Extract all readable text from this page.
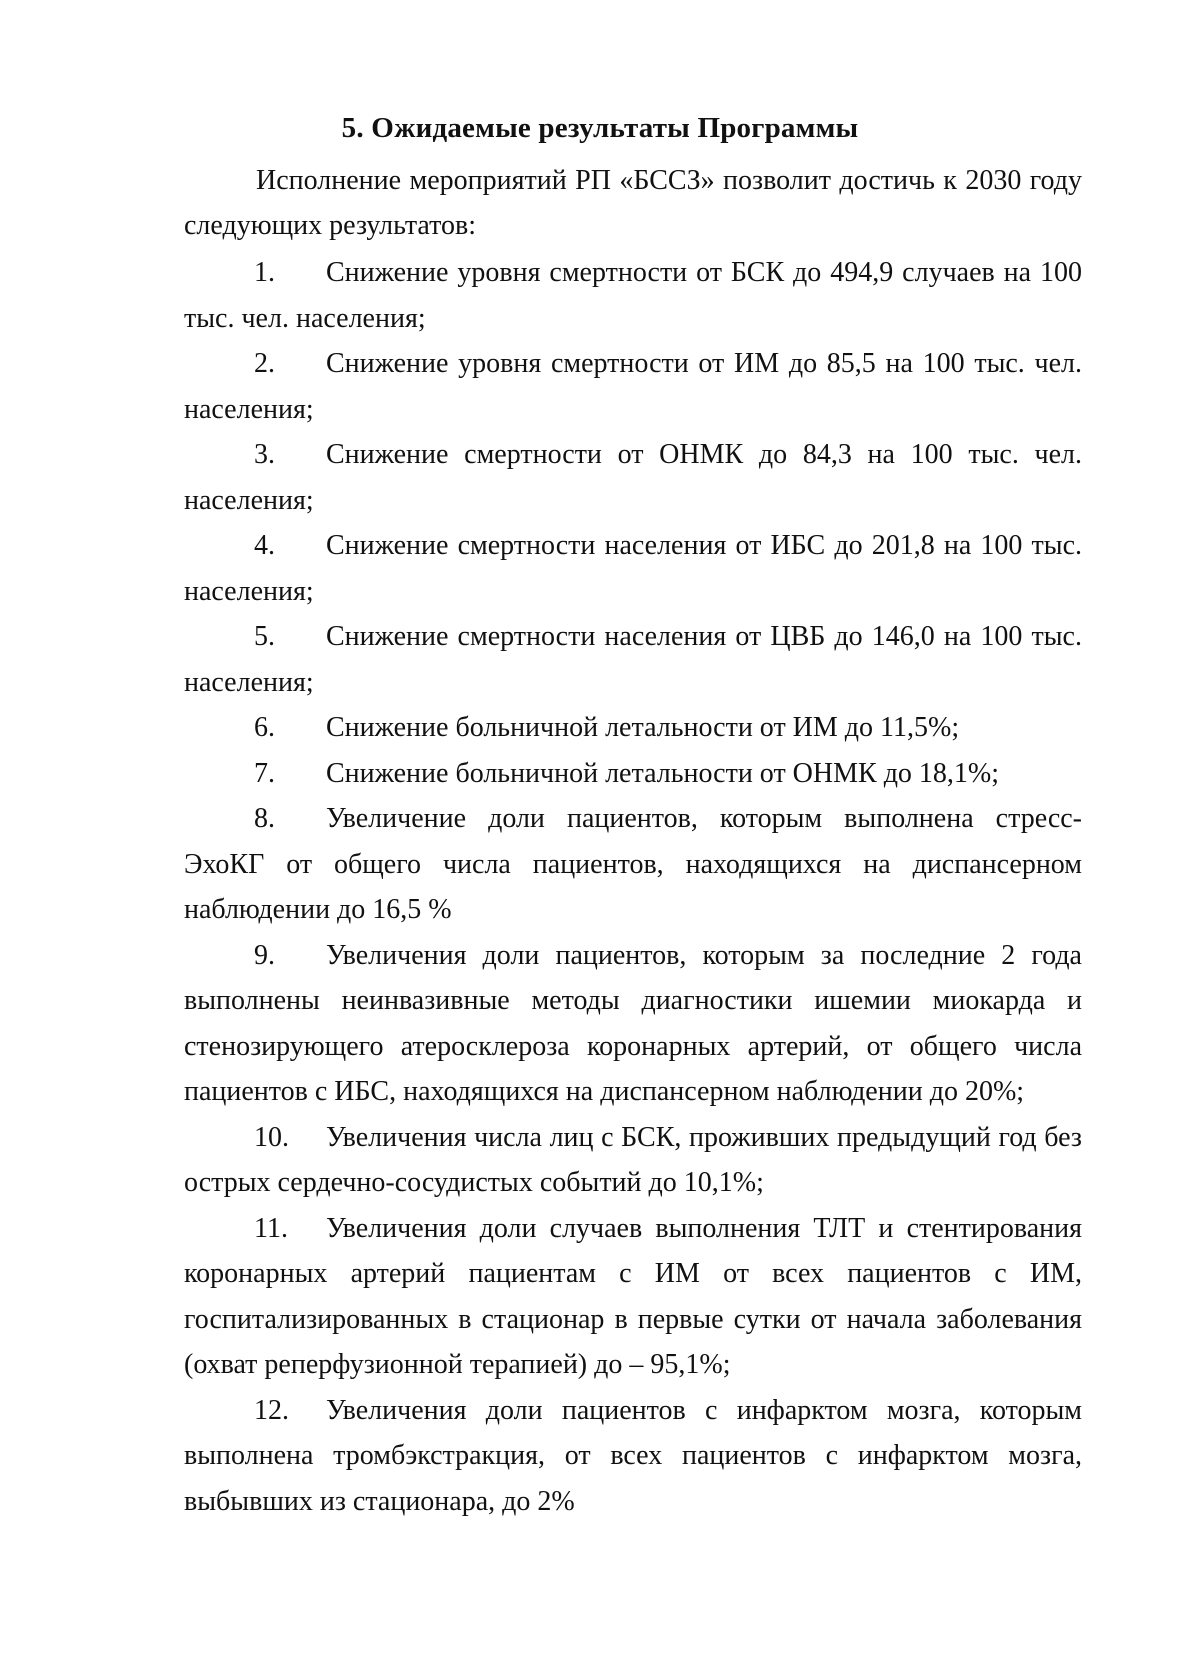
5. Ожидаемые результаты Программы
Исполнение мероприятий РП «БССЗ» позволит достичь к 2030 году следующих результатов:

1. Снижение уровня смертности от БСК до 494,9 случаев на 100 тыс. чел. населения;

2. Снижение уровня смертности от ИМ до 85,5 на 100 тыс. чел. населения;

3. Снижение смертности от ОНМК до 84,3 на 100 тыс. чел. населения;

4. Снижение смертности населения от ИБС до 201,8 на 100 тыс. населения;

5. Снижение смертности населения от ЦВБ до 146,0 на 100 тыс. населения;

6. Снижение больничной летальности от ИМ до 11,5%;

7. Снижение больничной летальности от ОНМК до 18,1%;

8. Увеличение доли пациентов, которым выполнена стресс-ЭхоКГ от общего числа пациентов, находящихся на диспансерном наблюдении до 16,5 %

9. Увеличения доли пациентов, которым за последние 2 года выполнены неинвазивные методы диагностики ишемии миокарда и стенозирующего атеросклероза коронарных артерий, от общего числа пациентов с ИБС, находящихся на диспансерном наблюдении до 20%;

10. Увеличения числа лиц с БСК, проживших предыдущий год без острых сердечно-сосудистых событий до 10,1%;

11. Увеличения доли случаев выполнения ТЛТ и стентирования коронарных артерий пациентам с ИМ от всех пациентов с ИМ, госпитализированных в стационар в первые сутки от начала заболевания (охват реперфузионной терапией) до – 95,1%;

12. Увеличения доли пациентов с инфарктом мозга, которым выполнена тромбэкстракция, от всех пациентов с инфарктом мозга, выбывших из стационара, до 2%
